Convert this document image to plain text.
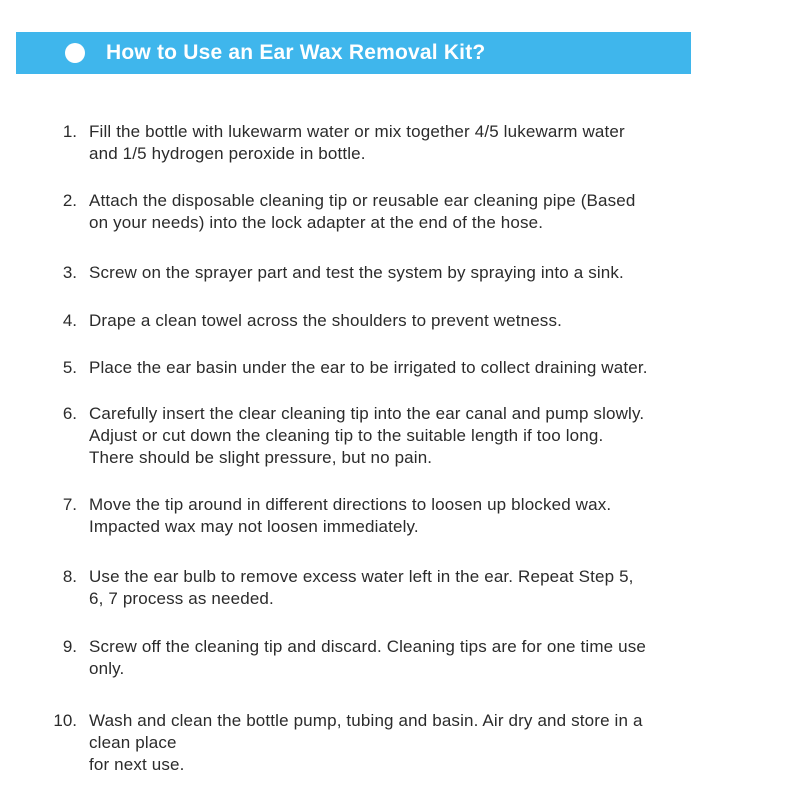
How to Use an Ear Wax Removal Kit?
1. Fill the bottle with lukewarm water or mix together 4/5 lukewarm water
and 1/5 hydrogen peroxide in bottle.
2. Attach the disposable cleaning tip or reusable ear cleaning pipe (Based
on your needs) into the lock adapter at the end of the hose.
3. Screw on the sprayer part and test the system by spraying into a sink.
4. Drape a clean towel across the shoulders to prevent wetness.
5. Place the ear basin under the ear to be irrigated to collect draining water.
6. Carefully insert the clear cleaning tip into the ear canal and pump slowly.
Adjust or cut down the cleaning tip to the suitable length if too long.
There should be slight pressure, but no pain.
7. Move the tip around in different directions to loosen up blocked wax.
Impacted wax may not loosen immediately.
8. Use the ear bulb to remove excess water left in the ear. Repeat Step 5,
6, 7 process as needed.
9. Screw off the cleaning tip and discard. Cleaning tips are for one time use
only.
10. Wash and clean the bottle pump, tubing and basin. Air dry and store in a
clean place
for next use.
